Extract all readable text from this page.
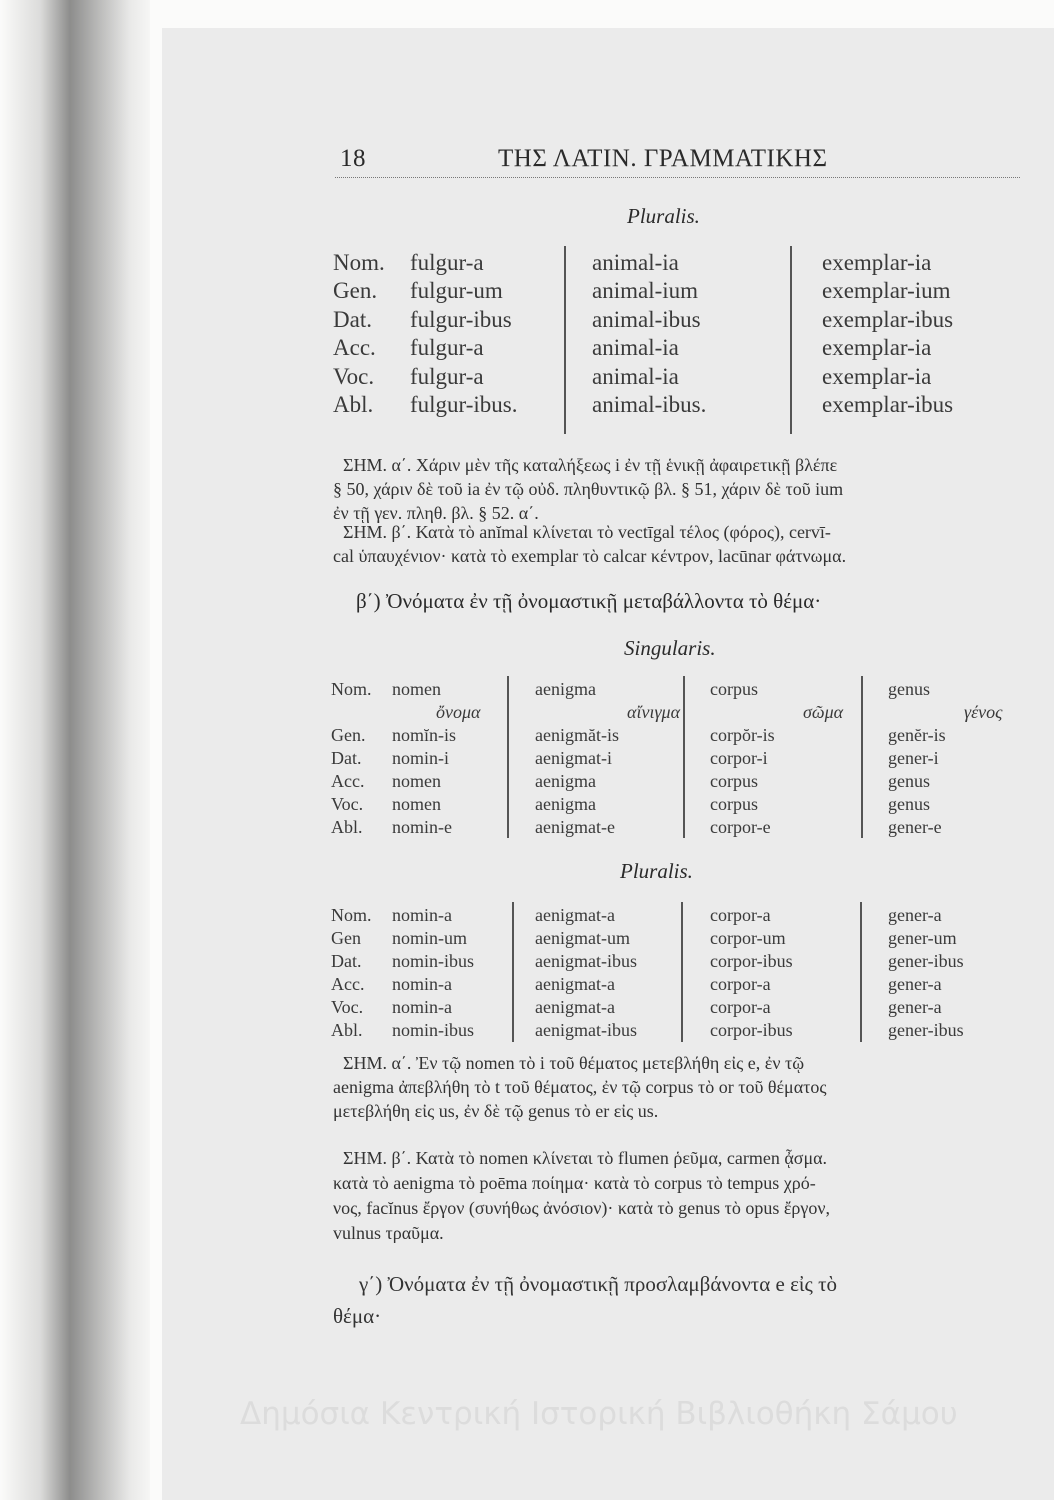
18	ΤΗΣ ΛΑΤΙΝ. ΓΡΑΜΜΑΤΙΚΗΣ
Pluralis.
Nom. fulgur-a	animal-ia	exemplar-ia
Gen. fulgur-um	animal-ium	exemplar-ium
Dat. fulgur-ibus	animal-ibus	exemplar-ibus
Acc. fulgur-a	animal-ia	exemplar-ia
Voc. fulgur-a	animal-ia	exemplar-ia
Abl. fulgur-ibus.	animal-ibus.	exemplar-ibus
ΣΗΜ. α΄. Χάριν μὲν τῆς καταλήξεως i ἐν τῇ ἑνικῇ ἀφαιρετικῇ βλέπε
§ 50, χάριν δὲ τοῦ ia ἐν τῷ οὐδ. πληθυντικῷ βλ. § 51, χάριν δὲ τοῦ ium
ἐν τῇ γεν. πληθ. βλ. § 52. α΄.
ΣΗΜ. β΄. Κατὰ τὸ anĭmal κλίνεται τὸ vectīgal τέλος (φόρος), cervī-
cal ὑπαυχένιον· κατὰ τὸ exemplar τὸ calcar κέντρον, lacūnar φάτνωμα.
β΄) Ὀνόματα ἐν τῇ ὀνομαστικῇ μεταβάλλοντα τὸ θέμα·
Singularis.
Nom. nomen	aenigma	corpus	genus
ὄνομα	αἴνιγμα	σῶμα	γένος
Gen. nomĭn-is	aenigmăt-is	corpŏr-is	genĕr-is
Dat. nomin-i	aenigmat-i	corpor-i	gener-i
Acc. nomen	aenigma	corpus	genus
Voc. nomen	aenigma	corpus	genus
Abl. nomin-e	aenigmat-e	corpor-e	gener-e
Pluralis.
Nom. nomin-a	aenigmat-a	corpor-a	gener-a
Gen nomin-um	aenigmat-um	corpor-um	gener-um
Dat. nomin-ibus	aenigmat-ibus	corpor-ibus	gener-ibus
Acc. nomin-a	aenigmat-a	corpor-a	gener-a
Voc. nomin-a	aenigmat-a	corpor-a	gener-a
Abl. nomin-ibus	aenigmat-ibus	corpor-ibus	gener-ibus
ΣΗΜ. α΄. Ἐν τῷ nomen τὸ i τοῦ θέματος μετεβλήθη εἰς e, ἐν τῷ
aenigma ἀπεβλήθη τὸ t τοῦ θέματος, ἐν τῷ corpus τὸ or τοῦ θέματος
μετεβλήθη εἰς us, ἐν δὲ τῷ genus τὸ er εἰς us.
ΣΗΜ. β΄. Κατὰ τὸ nomen κλίνεται τὸ flumen ῥεῦμα, carmen ᾆσμα.
κατὰ τὸ aenigma τὸ poēma ποίημα· κατὰ τὸ corpus τὸ tempus χρό-
νος, facĭnus ἔργον (συνήθως ἀνόσιον)· κατὰ τὸ genus τὸ opus ἔργον,
vulnus τραῦμα.
γ΄) Ὀνόματα ἐν τῇ ὀνομαστικῇ προσλαμβάνοντα e εἰς τὸ
θέμα·
Δημόσια Κεντρική Ιστορική Βιβλιοθήκη Σάμου
